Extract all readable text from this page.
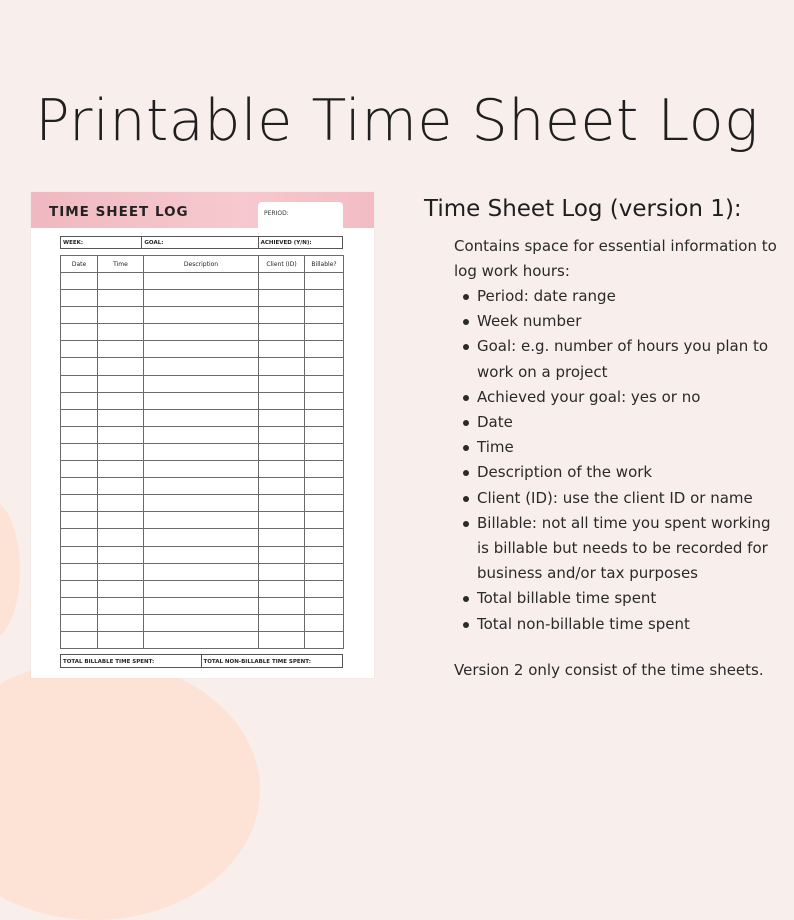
Printable Time Sheet Log
TIME SHEET LOG	PERIOD:
WEEK:	GOAL:	ACHIEVED (Y/N):
Date	Time	Description	Client (ID)	Billable?

TOTAL BILLABLE TIME SPENT:	TOTAL NON-BILLABLE TIME SPENT:
Time Sheet Log (version 1):

Contains space for essential information to log work hours:

Period: date range
Week number
Goal: e.g. number of hours you plan to work on a project
Achieved your goal: yes or no
Date
Time
Description of the work
Client (ID): use the client ID or name
Billable: not all time you spent working is billable but needs to be recorded for business and/or tax purposes
Total billable time spent
Total non-billable time spent

Version 2 only consist of the time sheets.
